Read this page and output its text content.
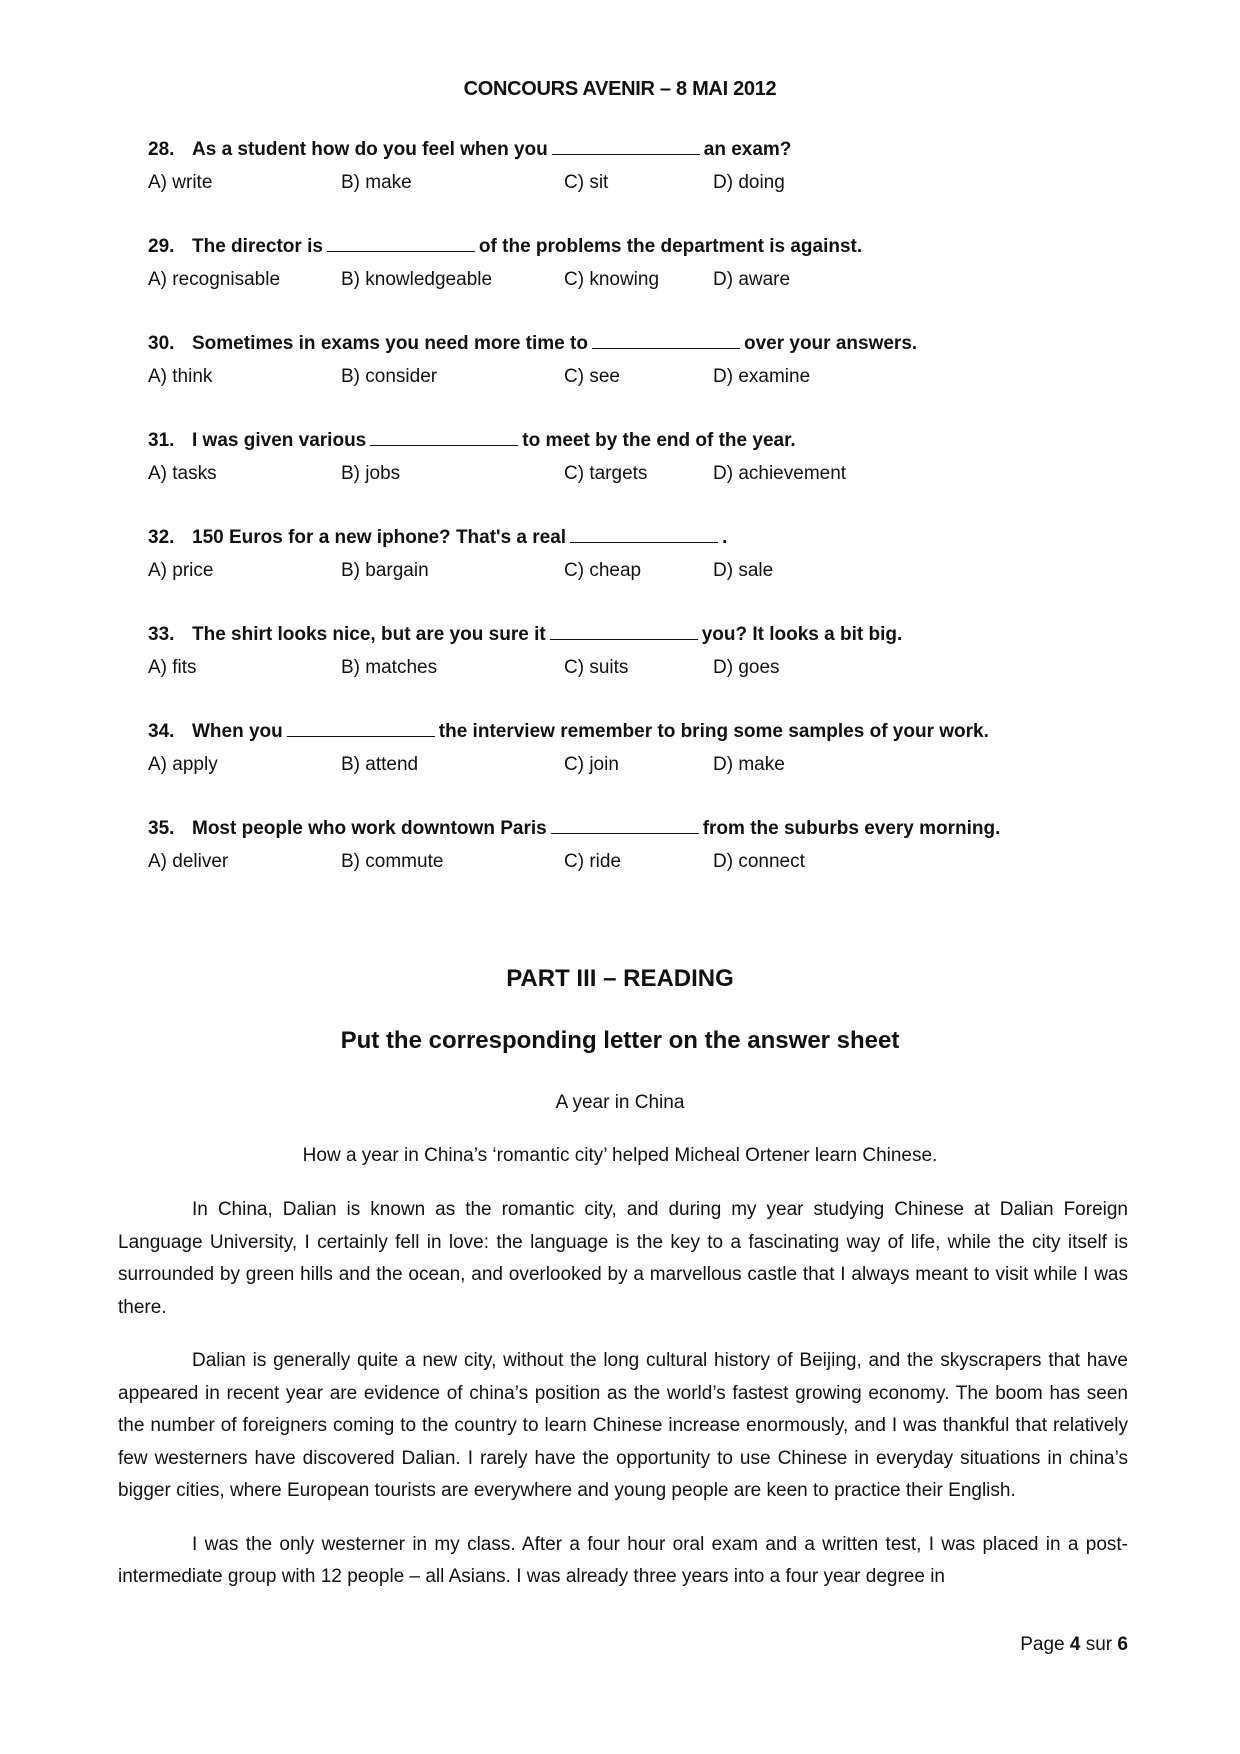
CONCOURS AVENIR – 8 MAI 2012
28. As a student how do you feel when you	an exam?
A) write	B) make	C) sit	D) doing
29. The director is	of the problems the department is against.
A) recognisable	B) knowledgeable	C) knowing	D) aware
30. Sometimes in exams you need more time to	over your answers.
A) think	B) consider	C) see	D) examine
31. I was given various	to meet by the end of the year.
A) tasks	B) jobs	C) targets	D) achievement
32. 150 Euros for a new iphone? That's a real	.
A) price	B) bargain	C) cheap	D) sale
33. The shirt looks nice, but are you sure it	you? It looks a bit big.
A) fits	B) matches	C) suits	D) goes
34. When you	the interview remember to bring some samples of your work.
A) apply	B) attend	C) join	D) make
35. Most people who work downtown Paris	from the suburbs every morning.
A) deliver	B) commute	C) ride	D) connect
PART III – READING
Put the corresponding letter on the answer sheet
A year in China
How a year in China’s ‘romantic city’ helped Micheal Ortener learn Chinese.

In China, Dalian is known as the romantic city, and during my year studying Chinese at Dalian Foreign Language University, I certainly fell in love: the language is the key to a fascinating way of life, while the city itself is surrounded by green hills and the ocean, and overlooked by a marvellous castle that I always meant to visit while I was there.

Dalian is generally quite a new city, without the long cultural history of Beijing, and the skyscrapers that have appeared in recent year are evidence of china’s position as the world’s fastest growing economy. The boom has seen the number of foreigners coming to the country to learn Chinese increase enormously, and I was thankful that relatively few westerners have discovered Dalian. I rarely have the opportunity to use Chinese in everyday situations in china’s bigger cities, where European tourists are everywhere and young people are keen to practice their English.

I was the only westerner in my class. After a four hour oral exam and a written test, I was placed in a post-intermediate group with 12 people – all Asians. I was already three years into a four year degree in

Page 4 sur 6
